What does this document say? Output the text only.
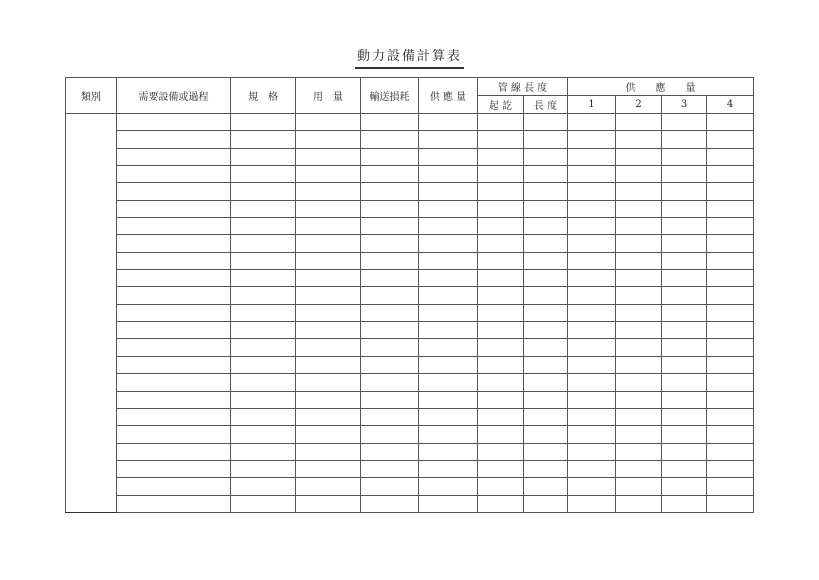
動力設備計算表
類別	需要設備或過程	規　格	用　量	輸送損耗	供 應 量	管 線 長 度		供　　應　　量			
						起 訖	長 度	1	2	3	4
